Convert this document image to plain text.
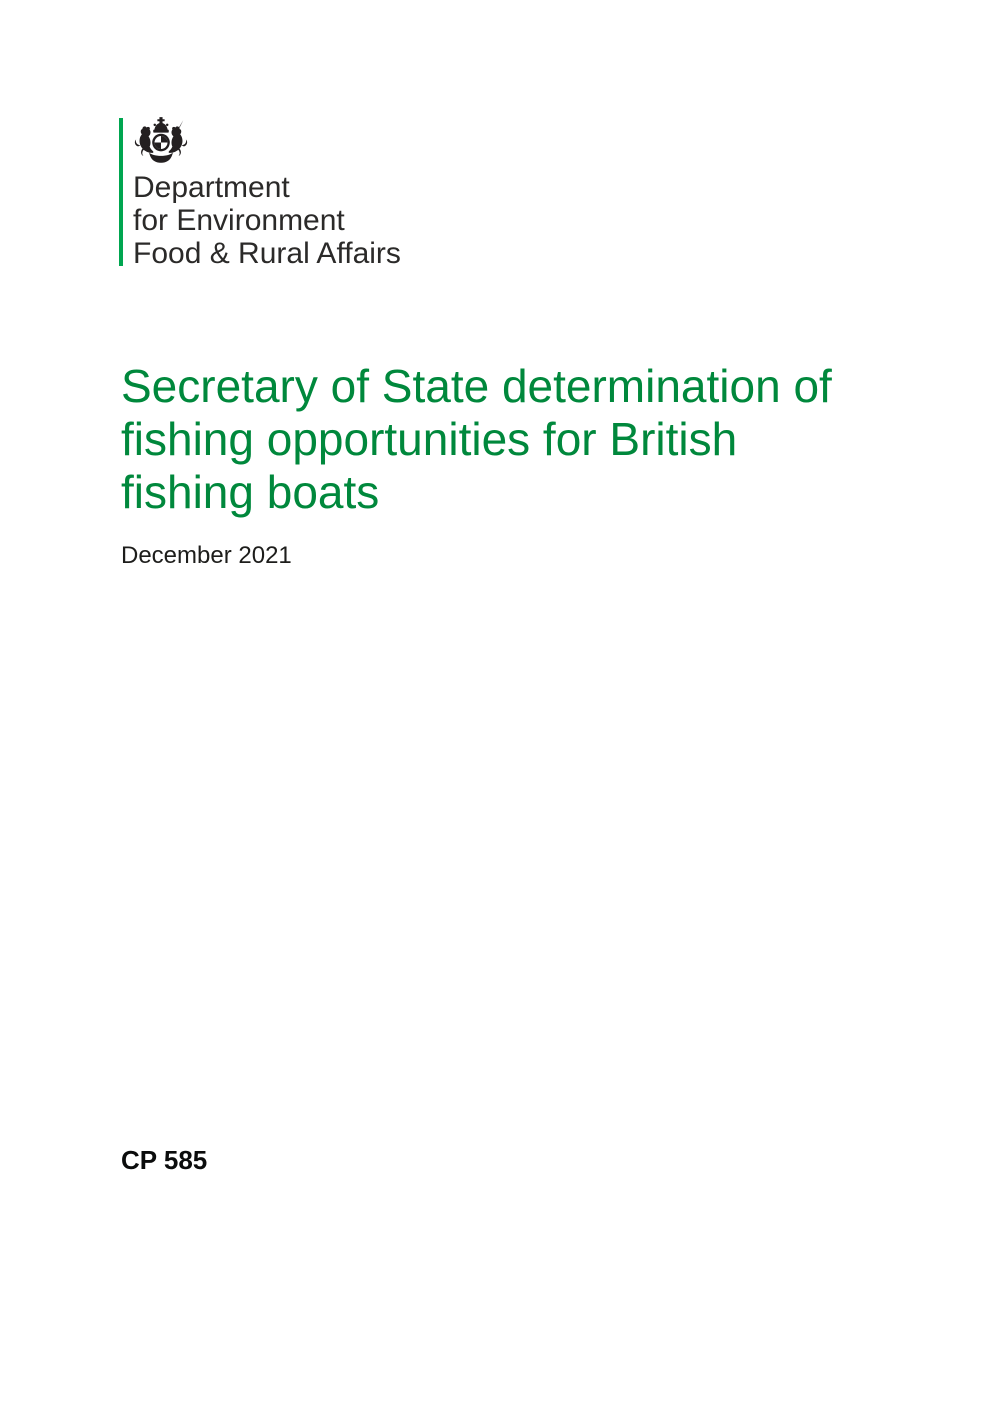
Department
for Environment
Food & Rural Affairs
Secretary of State determination of fishing opportunities for British fishing boats

December 2021

CP 585
